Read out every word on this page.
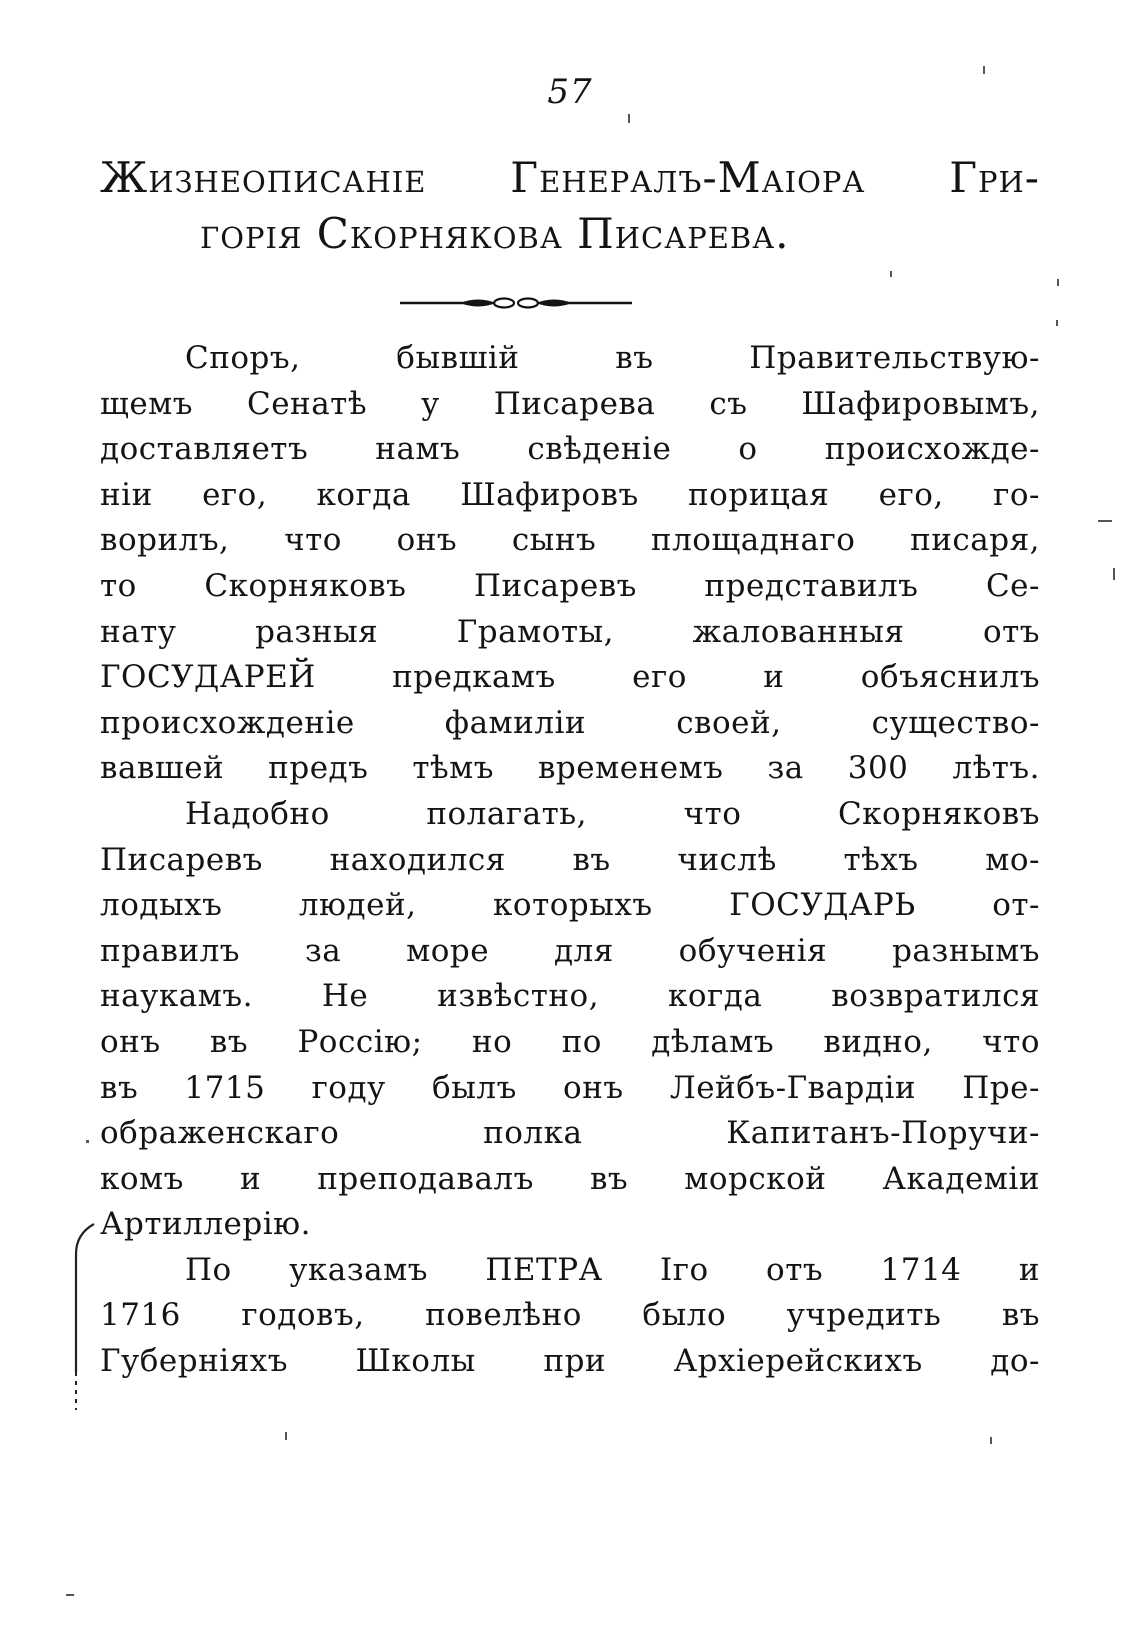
57
Жизнеописаніе Генералъ-Маіора Гри-
горія Скорнякова Писарева.
Споръ, бывшій въ Правительствую-
щемъ Сенатѣ у Писарева съ Шафировымъ,
доставляетъ намъ свѣденіе о происхожде-
ніи его, когда Шафировъ порицая его, го-
ворилъ, что онъ сынъ площаднаго писаря,
то Скорняковъ Писаревъ представилъ Се-
нату разныя Грамоты, жалованныя отъ
ГОСУДАРЕЙ предкамъ его и объяснилъ
происхожденіе фамиліи своей, существо-
вавшей предъ тѣмъ временемъ за 300 лѣтъ.
Надобно полагать, что Скорняковъ
Писаревъ находился въ числѣ тѣхъ мо-
лодыхъ людей, которыхъ ГОСУДАРЬ от-
правилъ за море для обученія разнымъ
наукамъ. Не извѣстно, когда возвратился
онъ въ Россію; но по дѣламъ видно, что
въ 1715 году былъ онъ Лейбъ-Гвардіи Пре-
ображенскаго полка Капитанъ-Поручи-
комъ и преподавалъ въ морской Академіи
Артиллерію.
По указамъ ПЕТРА Iго отъ 1714 и
1716 годовъ, повелѣно было учредить въ
Губерніяхъ Школы при Архіерейскихъ до-
